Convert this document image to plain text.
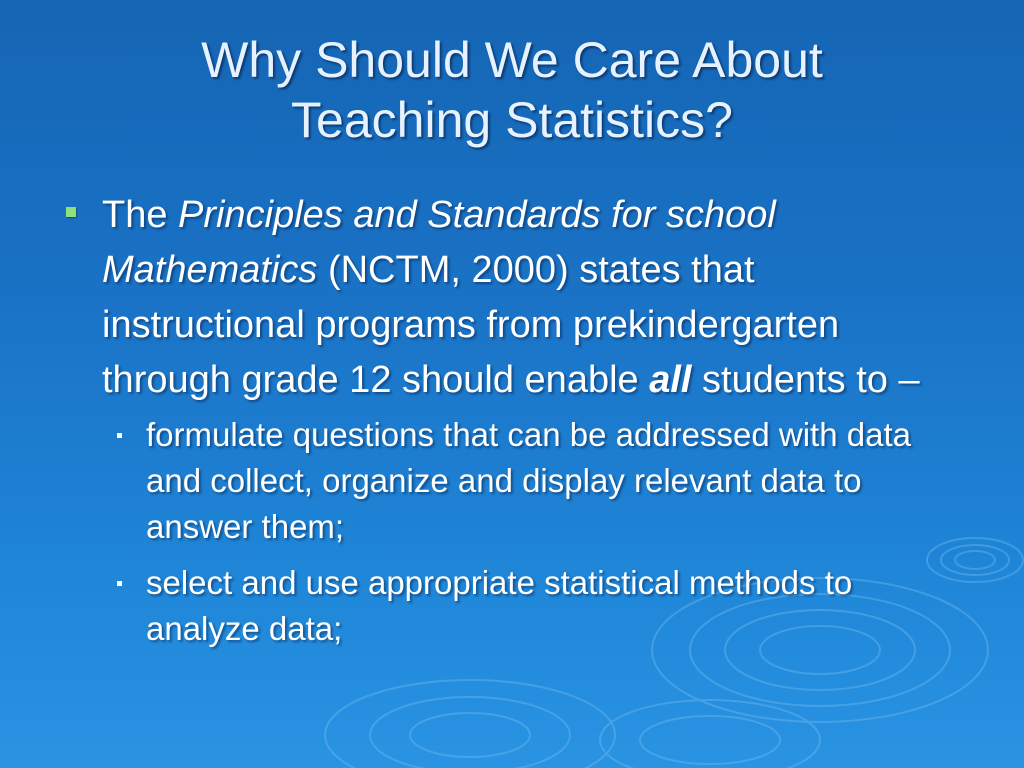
Why Should We Care About
Teaching Statistics?
The Principles and Standards for school
Mathematics (NCTM, 2000) states that instructional programs from prekindergarten through grade 12 should enable all students to –
formulate questions that can be addressed with data and collect, organize and display relevant data to answer them;
select and use appropriate statistical methods to analyze data;
